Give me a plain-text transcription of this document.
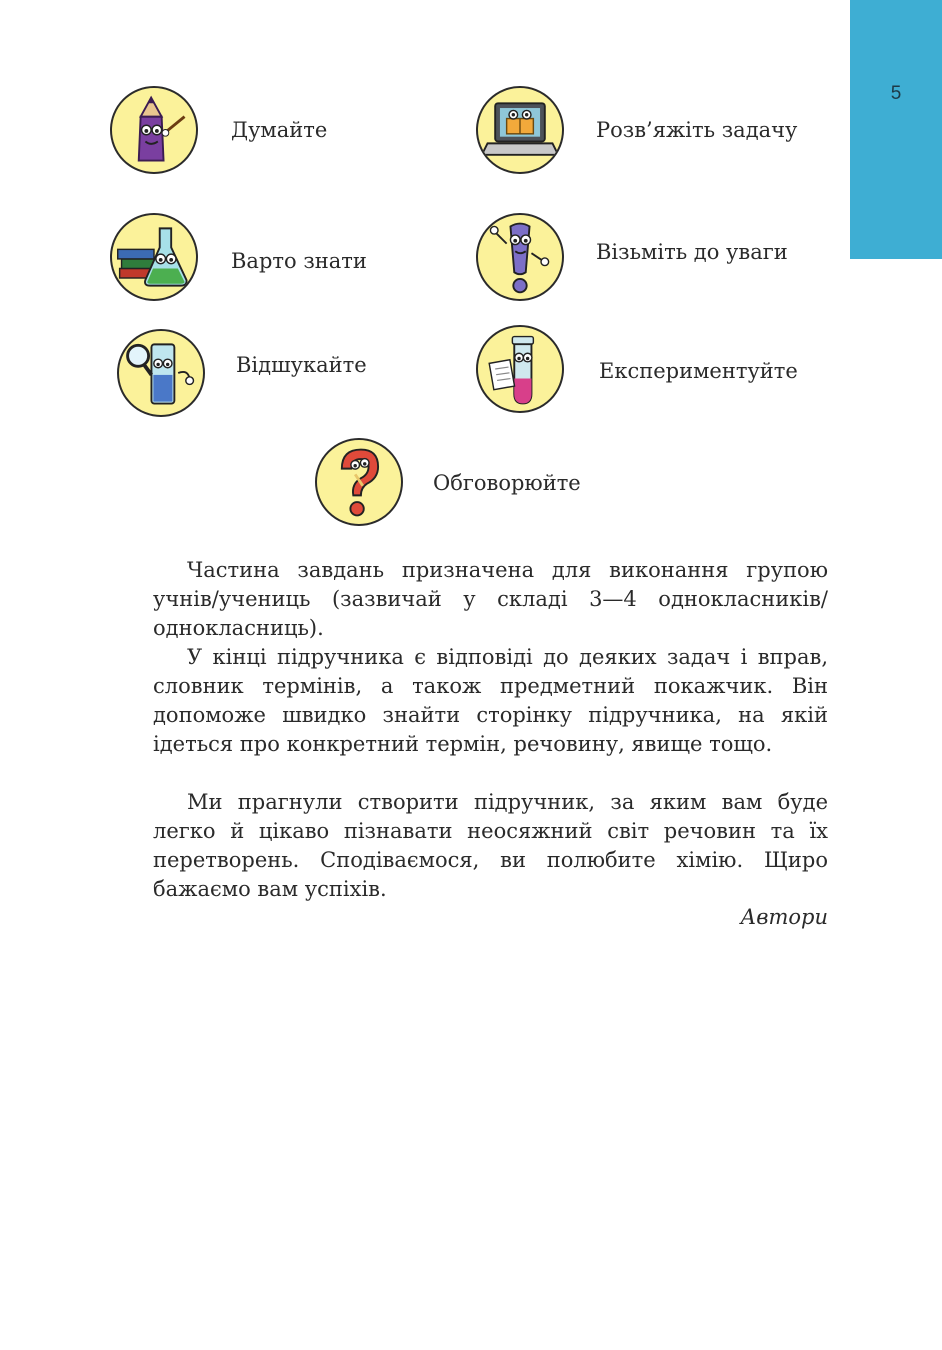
5
Думайте	Розв’яжіть задачу
Варто знати	Візьміть до уваги
Відшукайте	Експериментуйте
Обговорюйте

Частина завдань призначена для виконання групою учнів/учениць (зазвичай у складі 3—4 однокласників/однокласниць).

У кінці підручника є відповіді до деяких задач і вправ, словник термінів, а також предметний покажчик. Він допоможе швидко знайти сторінку підручника, на якій ідеться про конкретний термін, речовину, явище тощо.

Ми прагнули створити підручник, за яким вам буде легко й цікаво пізнавати неосяжний світ речовин та їх перетворень. Сподіваємося, ви полюбите хімію. Щиро бажаємо вам успіхів.

Автори
